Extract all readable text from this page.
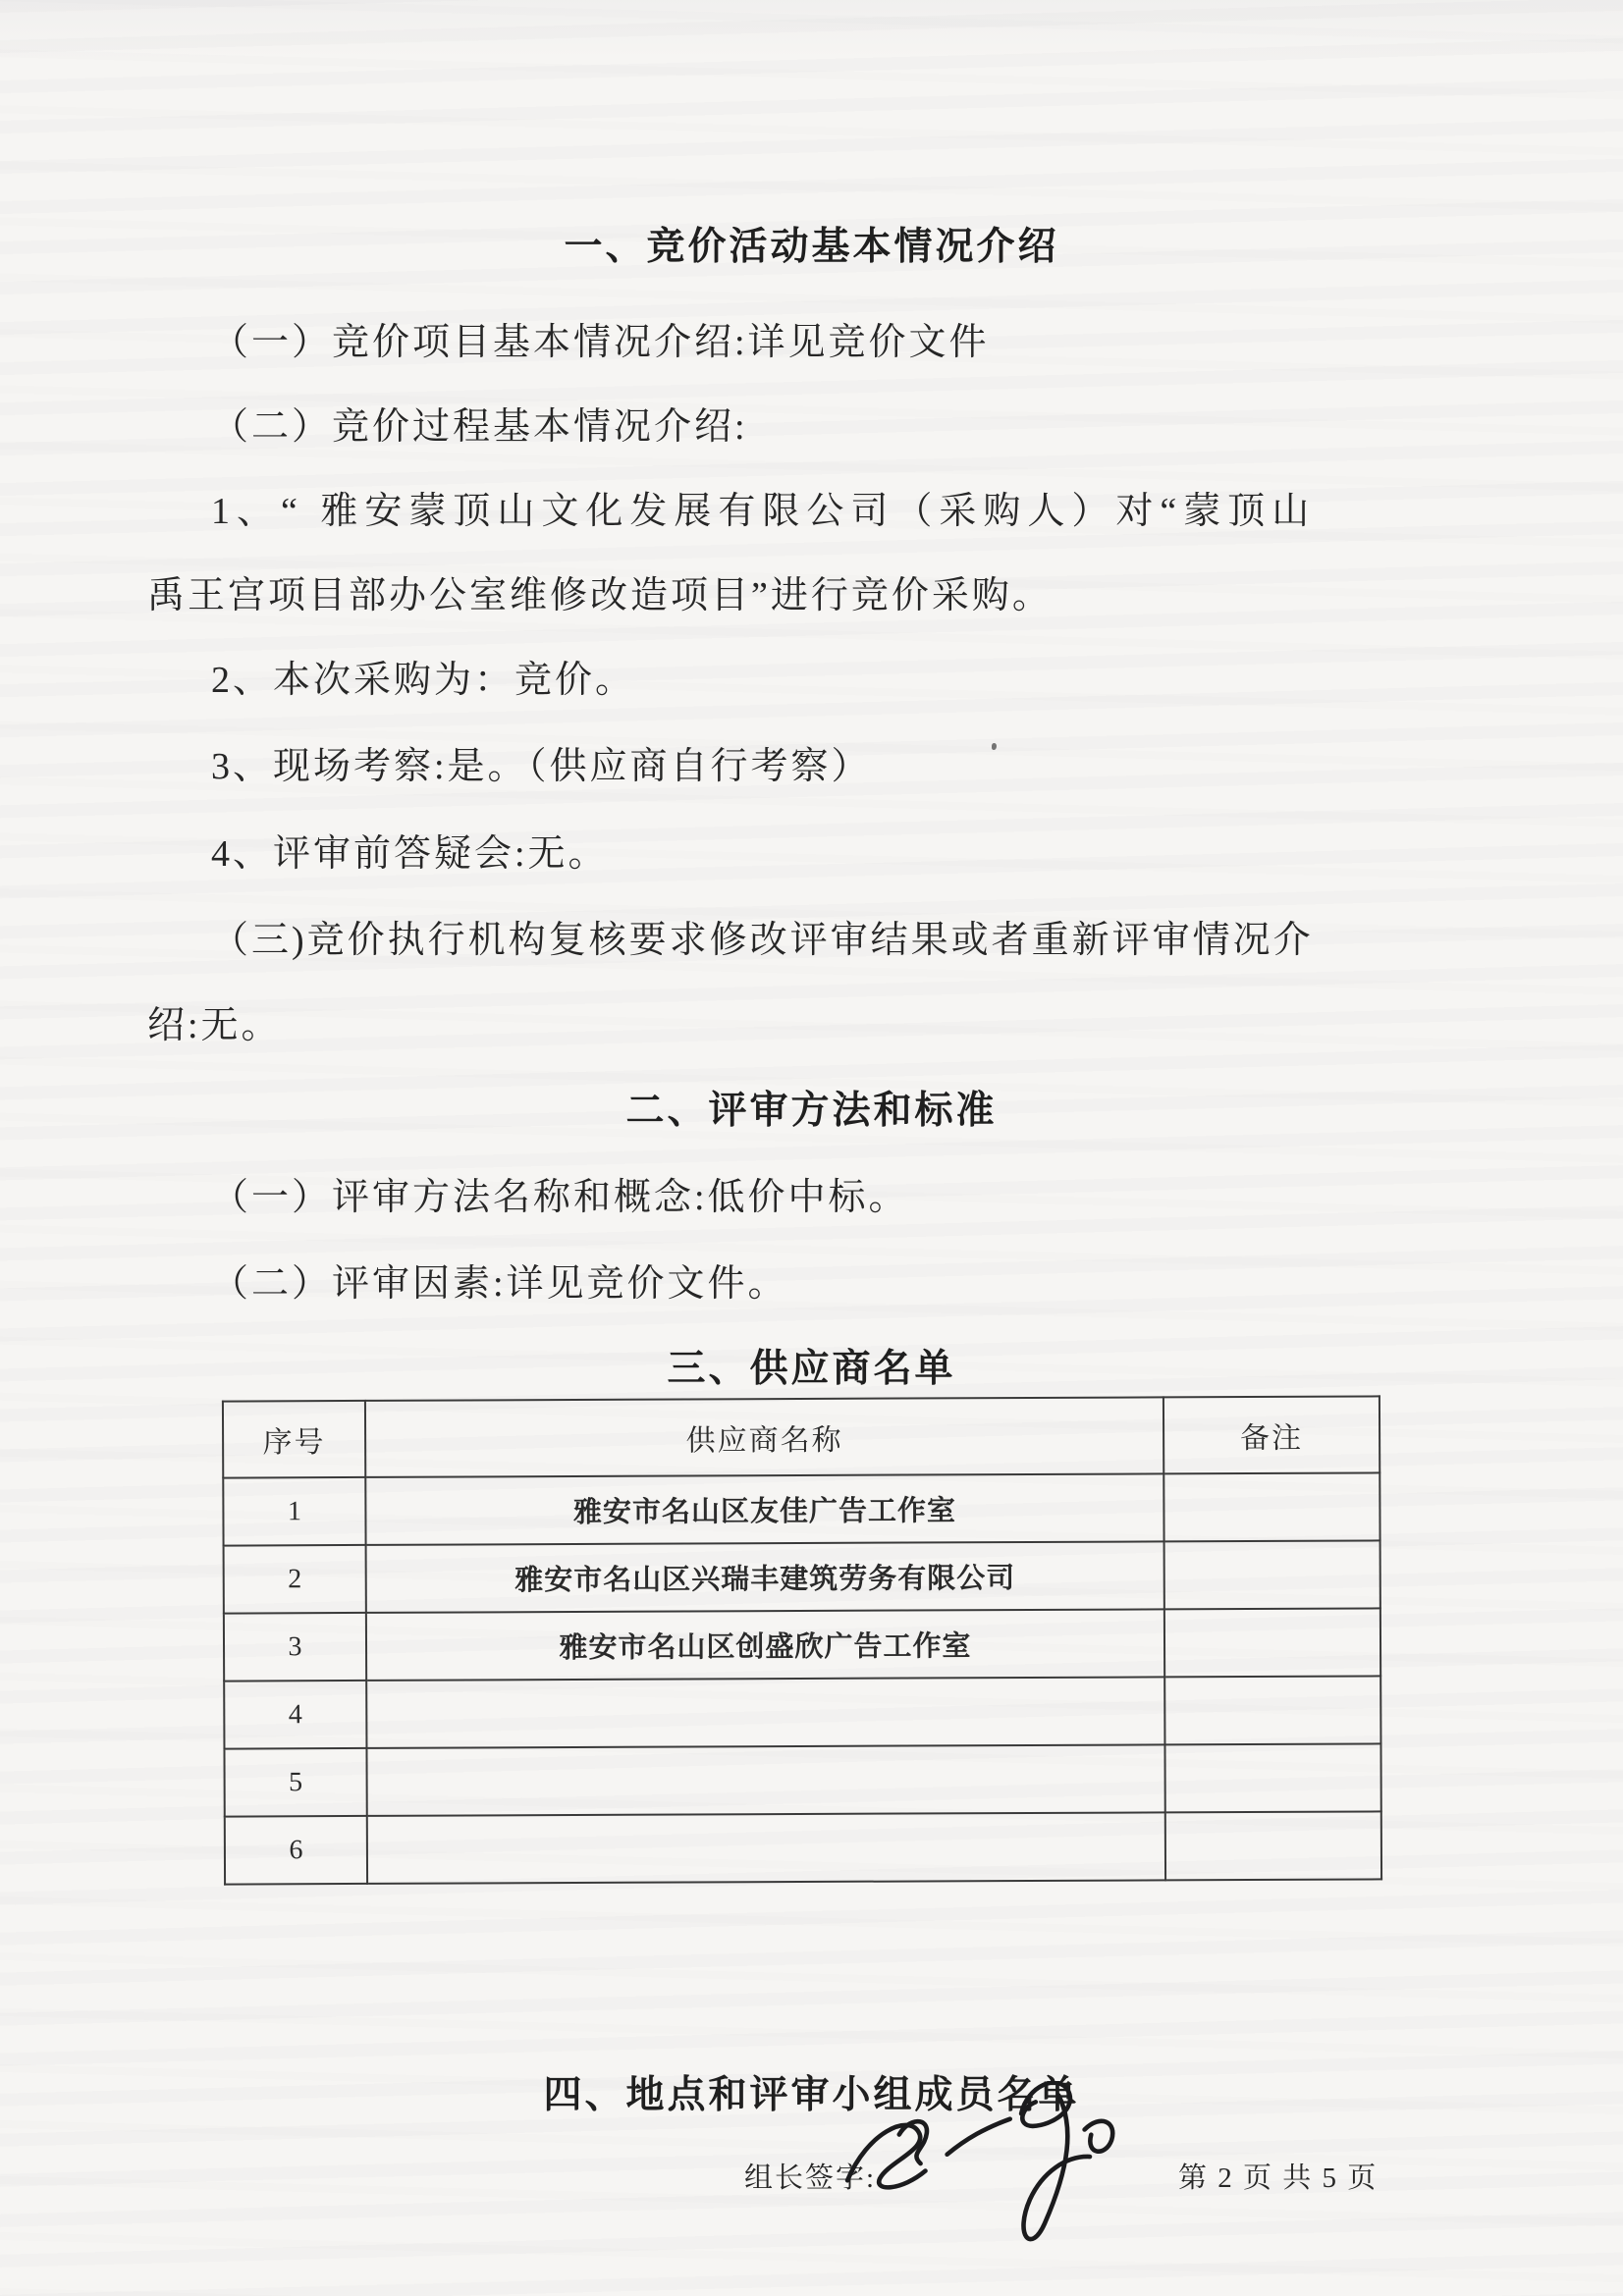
一、竞价活动基本情况介绍
（一）竞价项目基本情况介绍:详见竞价文件
（二）竞价过程基本情况介绍:
1、“ 雅安蒙顶山文化发展有限公司（采购人）对“蒙顶山
禹王宫项目部办公室维修改造项目”进行竞价采购。
2、本次采购为：竞价。
3、现场考察:是。（供应商自行考察）
4、评审前答疑会:无。
（三)竞价执行机构复核要求修改评审结果或者重新评审情况介
绍:无。
二、评审方法和标准
（一）评审方法名称和概念:低价中标。
（二）评审因素:详见竞价文件。
三、供应商名单
序号	供应商名称	备注
1	雅安市名山区友佳广告工作室	
2	雅安市名山区兴瑞丰建筑劳务有限公司	
3	雅安市名山区创盛欣广告工作室	
4		
5		
6		
四、地点和评审小组成员名单
组长签字:	第 2 页 共 5 页
